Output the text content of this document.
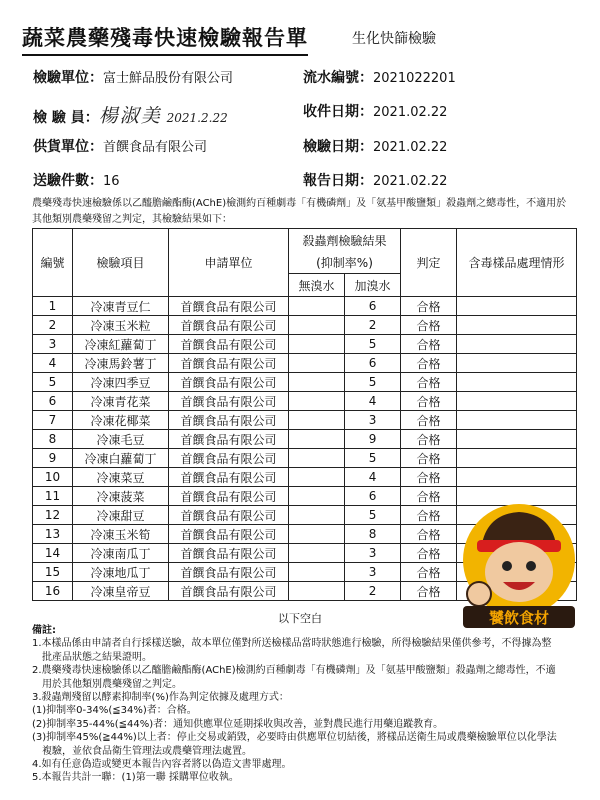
蔬菜農藥殘毒快速檢驗報告單	生化快篩檢驗
檢驗單位：富士鮮品股份有限公司	流水編號：2021022201
檢 驗 員：楊淑美 2021.2.22	收件日期：2021.02.22
供貨單位：首饌食品有限公司	檢驗日期：2021.02.22
送驗件數：16	報告日期：2021.02.22
農藥殘毒快速檢驗係以乙醯膽鹼酯酶(AChE)檢測約百種劇毒「有機磷劑」及「氨基甲酸鹽類」殺蟲劑之總毒性，不適用於其他類別農藥殘留之判定，其檢驗結果如下：
編號	檢驗項目	申請單位	殺蟲劑檢驗結果		判定	含毒樣品處理情形
			(抑制率%)			
			無溴水	加溴水		
1	冷凍青豆仁	首饌食品有限公司		6	合格	
2	冷凍玉米粒	首饌食品有限公司		2	合格	
3	冷凍紅蘿蔔丁	首饌食品有限公司		5	合格	
4	冷凍馬鈴薯丁	首饌食品有限公司		6	合格	
5	冷凍四季豆	首饌食品有限公司		5	合格	
6	冷凍青花菜	首饌食品有限公司		4	合格	
7	冷凍花椰菜	首饌食品有限公司		3	合格	
8	冷凍毛豆	首饌食品有限公司		9	合格	
9	冷凍白蘿蔔丁	首饌食品有限公司		5	合格	
10	冷凍菜豆	首饌食品有限公司		4	合格	
11	冷凍菠菜	首饌食品有限公司		6	合格	
12	冷凍甜豆	首饌食品有限公司		5	合格	
13	冷凍玉米筍	首饌食品有限公司		8	合格	
14	冷凍南瓜丁	首饌食品有限公司		3	合格	
15	冷凍地瓜丁	首饌食品有限公司		3	合格	
16	冷凍皇帝豆	首饌食品有限公司		2	合格	
以下空白
備註:
1.本樣品係由申請者自行採樣送驗，故本單位僅對所送檢樣品當時狀態進行檢驗，所得檢驗結果僅供參考，不得據為整
　批產品狀態之結果證明。
2.農藥殘毒快速檢驗係以乙醯膽鹼酯酶(AChE)檢測約百種劇毒「有機磷劑」及「氨基甲酸鹽類」殺蟲劑之總毒性，不適
　用於其他類別農藥殘留之判定。
3.殺蟲劑殘留以酵素抑制率(%)作為判定依據及處理方式：
(1)抑制率0-34%(≦34%)者：合格。
(2)抑制率35-44%(≦44%)者：通知供應單位延期採收與改善，並對農民進行用藥追蹤教育。
(3)抑制率45%(≧44%)以上者：停止交易或銷毀，必要時由供應單位切結後，將樣品送衛生局或農藥檢驗單位以化學法
　複驗，並依食品衛生管理法或農藥管理法處置。
4.如有任意偽造或變更本報告內容者將以偽造文書罪處理。
5.本報告共計一聯：(1)第一聯 採購單位收執。
饕飲食材
